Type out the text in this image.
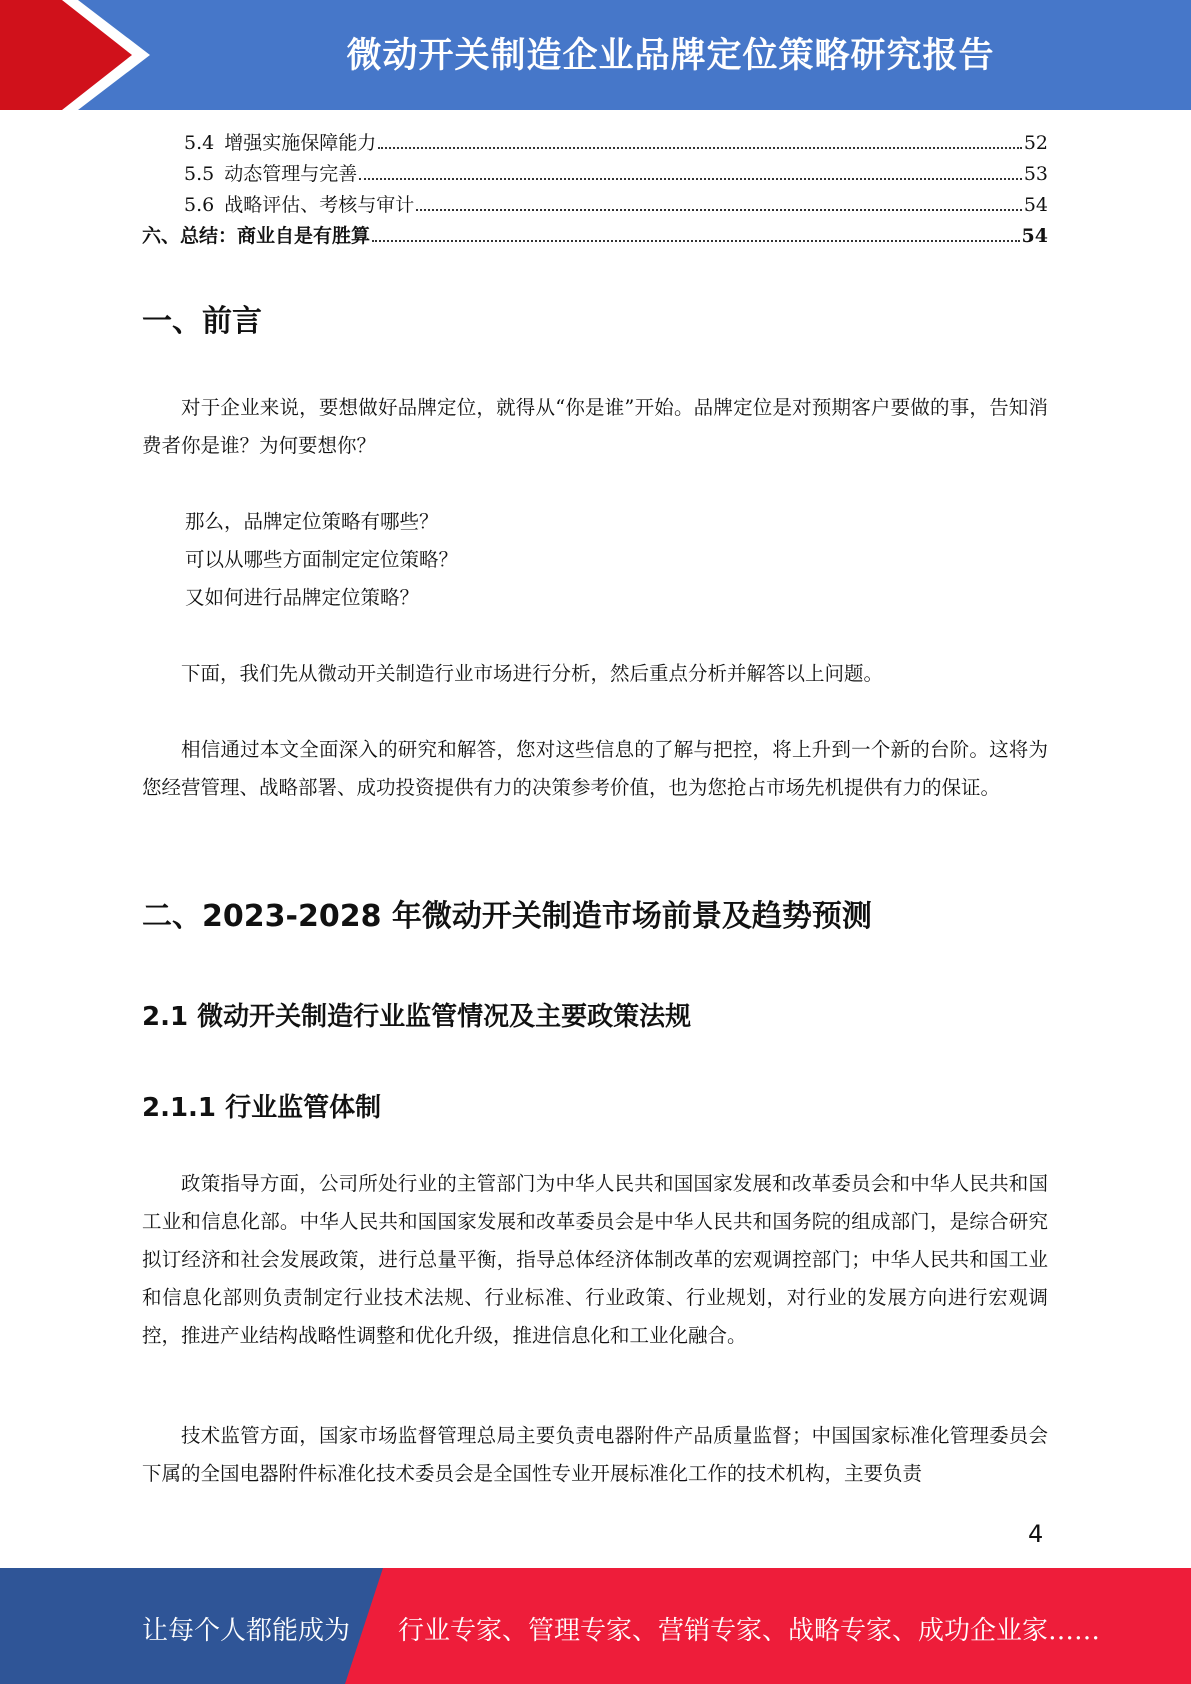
微动开关制造企业品牌定位策略研究报告
5.4 增强实施保障能力	52
5.5 动态管理与完善	53
5.6 战略评估、考核与审计	54
六、总结：商业自是有胜算	54
一、前言

对于企业来说，要想做好品牌定位，就得从“你是谁”开始。品牌定位是对预期客户要做的事，告知消费者你是谁？为何要想你？

那么，品牌定位策略有哪些？

可以从哪些方面制定定位策略？

又如何进行品牌定位策略？

下面，我们先从微动开关制造行业市场进行分析，然后重点分析并解答以上问题。

相信通过本文全面深入的研究和解答，您对这些信息的了解与把控，将上升到一个新的台阶。这将为您经营管理、战略部署、成功投资提供有力的决策参考价值，也为您抢占市场先机提供有力的保证。

二、2023-2028 年微动开关制造市场前景及趋势预测
2.1 微动开关制造行业监管情况及主要政策法规
2.1.1 行业监管体制

政策指导方面，公司所处行业的主管部门为中华人民共和国国家发展和改革委员会和中华人民共和国工业和信息化部。中华人民共和国国家发展和改革委员会是中华人民共和国务院的组成部门，是综合研究拟订经济和社会发展政策，进行总量平衡，指导总体经济体制改革的宏观调控部门；中华人民共和国工业和信息化部则负责制定行业技术法规、行业标准、行业政策、行业规划，对行业的发展方向进行宏观调控，推进产业结构战略性调整和优化升级，推进信息化和工业化融合。

技术监管方面，国家市场监督管理总局主要负责电器附件产品质量监督；中国国家标准化管理委员会下属的全国电器附件标准化技术委员会是全国性专业开展标准化工作的技术机构，主要负责

4
让每个人都能成为 行业专家、管理专家、营销专家、战略专家、成功企业家……
